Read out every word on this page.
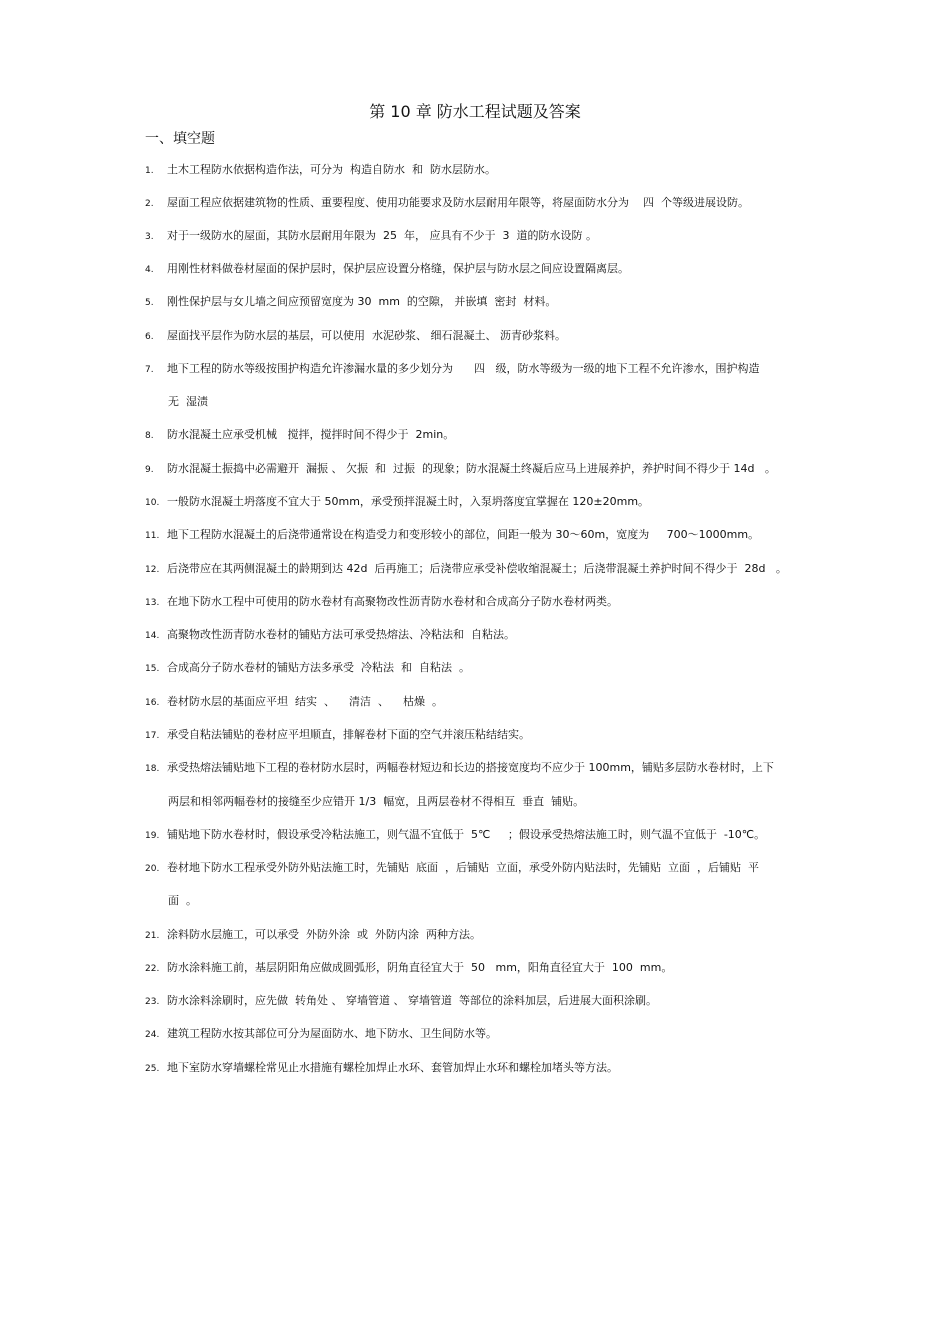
第 10 章 防水工程试题及答案
一、填空题
1. 土木工程防水依据构造作法，可分为  构造自防水  和  防水层防水。
2. 屋面工程应依据建筑物的性质、重要程度、使用功能要求及防水层耐用年限等，将屋面防水分为    四  个等级进展设防。
3. 对于一级防水的屋面，其防水层耐用年限为  25  年， 应具有不少于  3  道的防水设防 。
4. 用刚性材料做卷材屋面的保护层时，保护层应设置分格缝，保护层与防水层之间应设置隔离层。
5. 刚性保护层与女儿墙之间应预留宽度为 30  mm  的空隙， 并嵌填  密封  材料。
6. 屋面找平层作为防水层的基层，可以使用  水泥砂浆、 细石混凝土、 沥青砂浆料。
7. 地下工程的防水等级按围护构造允许渗漏水量的多少划分为      四   级，防水等级为一级的地下工程不允许渗水，围护构造
无  湿渍
8. 防水混凝土应承受机械   搅拌，搅拌时间不得少于  2min。
9. 防水混凝土振捣中必需避开  漏振 、 欠振  和  过振  的现象；防水混凝土终凝后应马上进展养护，养护时间不得少于 14d   。
10. 一般防水混凝土坍落度不宜大于 50mm，承受预拌混凝土时，入泵坍落度宜掌握在 120±20mm。
11. 地下工程防水混凝土的后浇带通常设在构造受力和变形较小的部位，间距一般为 30～60m，宽度为     700～1000mm。
12. 后浇带应在其两侧混凝土的龄期到达 42d  后再施工；后浇带应承受补偿收缩混凝土；后浇带混凝土养护时间不得少于  28d   。
13. 在地下防水工程中可使用的防水卷材有高聚物改性沥青防水卷材和合成高分子防水卷材两类。
14. 高聚物改性沥青防水卷材的铺贴方法可承受热熔法、冷粘法和  自粘法。
15. 合成高分子防水卷材的铺贴方法多承受  冷粘法  和  自粘法  。
16. 卷材防水层的基面应平坦  结实  、    清洁  、    枯燥  。
17. 承受自粘法铺贴的卷材应平坦顺直，排解卷材下面的空气并滚压粘结结实。
18. 承受热熔法铺贴地下工程的卷材防水层时，两幅卷材短边和长边的搭接宽度均不应少于 100mm，铺贴多层防水卷材时，上下
两层和相邻两幅卷材的接缝至少应错开 1/3  幅宽，且两层卷材不得相互  垂直  铺贴。
19. 铺贴地下防水卷材时，假设承受冷粘法施工，则气温不宜低于  5℃     ；假设承受热熔法施工时，则气温不宜低于  -10℃。
20. 卷材地下防水工程承受外防外贴法施工时，先铺贴  底面  ，后铺贴  立面，承受外防内贴法时，先铺贴  立面  ，后铺贴  平
面  。
21. 涂料防水层施工，可以承受  外防外涂  或  外防内涂  两种方法。
22. 防水涂料施工前，基层阴阳角应做成圆弧形，阴角直径宜大于  50   mm，阳角直径宜大于  100  mm。
23. 防水涂料涂刷时，应先做  转角处 、 穿墙管道 、 穿墙管道  等部位的涂料加层，后进展大面积涂刷。
24. 建筑工程防水按其部位可分为屋面防水、地下防水、卫生间防水等。
25. 地下室防水穿墙螺栓常见止水措施有螺栓加焊止水环、套管加焊止水环和螺栓加堵头等方法。
